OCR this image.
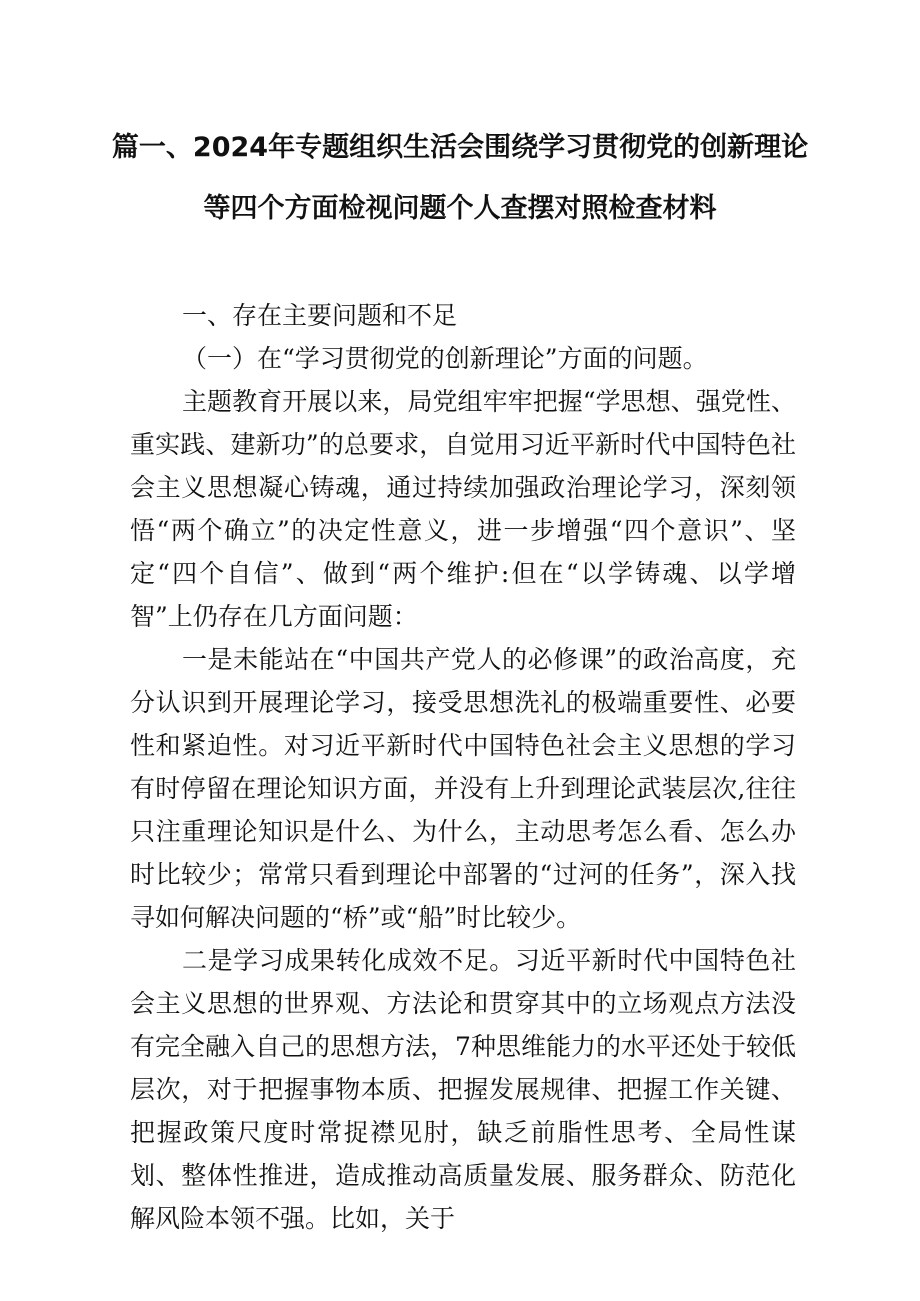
篇一、2024年专题组织生活会围绕学习贯彻党的创新理论
等四个方面检视问题个人查摆对照检查材料

一、存在主要问题和不足

（一）在“学习贯彻党的创新理论”方面的问题。

主题教育开展以来，局党组牢牢把握“学思想、强党性、重实践、建新功”的总要求，自觉用习近平新时代中国特色社会主义思想凝心铸魂，通过持续加强政治理论学习，深刻领悟“两个确立”的决定性意义，进一步增强“四个意识”、坚定“四个自信”、做到“两个维护:但在“以学铸魂、以学增智”上仍存在几方面问题：

一是未能站在“中国共产党人的必修课”的政治高度，充分认识到开展理论学习，接受思想洗礼的极端重要性、必要性和紧迫性。对习近平新时代中国特色社会主义思想的学习有时停留在理论知识方面，并没有上升到理论武装层次,往往只注重理论知识是什么、为什么，主动思考怎么看、怎么办时比较少；常常只看到理论中部署的“过河的任务”，深入找寻如何解决问题的“桥”或“船”时比较少。

二是学习成果转化成效不足。习近平新时代中国特色社会主义思想的世界观、方法论和贯穿其中的立场观点方法没有完全融入自己的思想方法，7种思维能力的水平还处于较低层次，对于把握事物本质、把握发展规律、把握工作关键、把握政策尺度时常捉襟见肘，缺乏前脂性思考、全局性谋划、整体性推进，造成推动高质量发展、服务群众、防范化解风险本领不强。比如，关于
